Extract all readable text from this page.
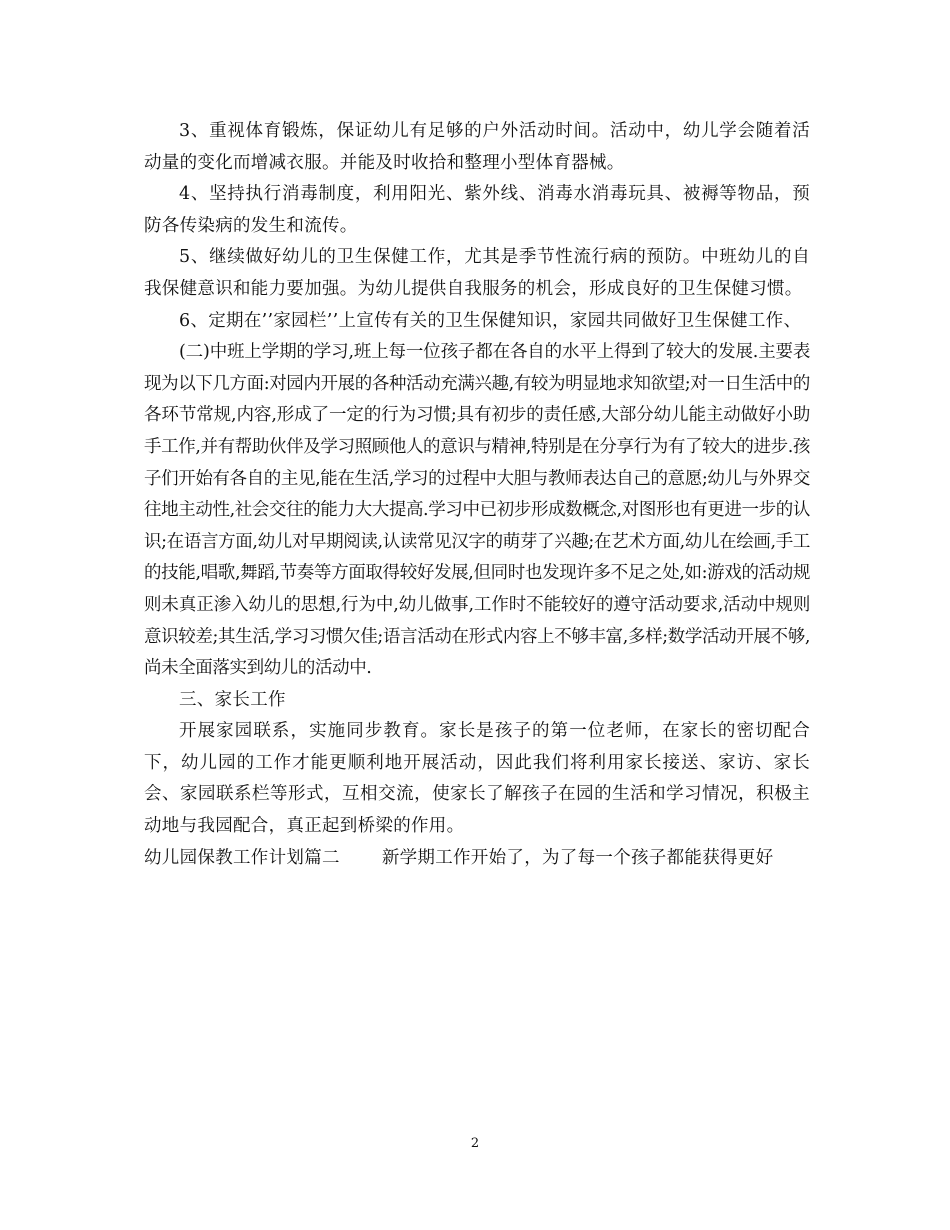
3、重视体育锻炼，保证幼儿有足够的户外活动时间。活动中，幼儿学会随着活动量的变化而增减衣服。并能及时收拾和整理小型体育器械。

4、坚持执行消毒制度，利用阳光、紫外线、消毒水消毒玩具、被褥等物品，预防各传染病的发生和流传。

5、继续做好幼儿的卫生保健工作，尤其是季节性流行病的预防。中班幼儿的自我保健意识和能力要加强。为幼儿提供自我服务的机会，形成良好的卫生保健习惯。

6、定期在’’家园栏’’上宣传有关的卫生保健知识，家园共同做好卫生保健工作、

(二)中班上学期的学习,班上每一位孩子都在各自的水平上得到了较大的发展.主要表现为以下几方面:对园内开展的各种活动充满兴趣,有较为明显地求知欲望;对一日生活中的各环节常规,内容,形成了一定的行为习惯;具有初步的责任感,大部分幼儿能主动做好小助手工作,并有帮助伙伴及学习照顾他人的意识与精神,特别是在分享行为有了较大的进步.孩子们开始有各自的主见,能在生活,学习的过程中大胆与教师表达自己的意愿;幼儿与外界交往地主动性,社会交往的能力大大提高.学习中已初步形成数概念,对图形也有更进一步的认识;在语言方面,幼儿对早期阅读,认读常见汉字的萌芽了兴趣;在艺术方面,幼儿在绘画,手工的技能,唱歌,舞蹈,节奏等方面取得较好发展,但同时也发现许多不足之处,如:游戏的活动规则未真正渗入幼儿的思想,行为中,幼儿做事,工作时不能较好的遵守活动要求,活动中规则意识较差;其生活,学习习惯欠佳;语言活动在形式内容上不够丰富,多样;数学活动开展不够,尚未全面落实到幼儿的活动中.

三、家长工作

开展家园联系，实施同步教育。家长是孩子的第一位老师，在家长的密切配合下，幼儿园的工作才能更顺利地开展活动，因此我们将利用家长接送、家访、家长会、家园联系栏等形式，互相交流，使家长了解孩子在园的生活和学习情况，积极主动地与我园配合，真正起到桥梁的作用。

幼儿园保教工作计划篇二 新学期工作开始了，为了每一个孩子都能获得更好

2
